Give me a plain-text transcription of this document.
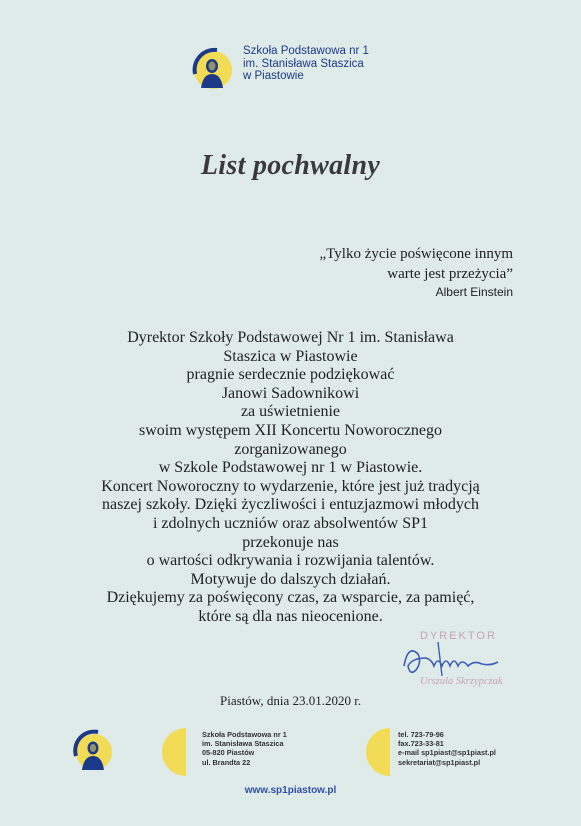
Szkoła Podstawowa nr 1
im. Stanisława Staszica
w Piastowie
List pochwalny
„Tylko życie poświęcone innym
warte jest przeżycia”
Albert Einstein
Dyrektor Szkoły Podstawowej Nr 1 im. Stanisława
Staszica w Piastowie
pragnie serdecznie podziękować
Janowi Sadownikowi
za uświetnienie
swoim występem XII Koncertu Noworocznego
zorganizowanego
w Szkole Podstawowej nr 1 w Piastowie.
Koncert Noworoczny to wydarzenie, które jest już tradycją
naszej szkoły. Dzięki życzliwości i entuzjazmowi młodych
i zdolnych uczniów oraz absolwentów SP1
przekonuje nas
o wartości odkrywania i rozwijania talentów.
Motywuje do dalszych działań.
Dziękujemy za poświęcony czas, za wsparcie, za pamięć,
które są dla nas nieocenione.
DYREKTOR
Urszula Skrzypczak
Piastów, dnia 23.01.2020 r.
Szkoła Podstawowa nr 1
im. Stanisława Staszica
05-820 Piastów
ul. Brandta 22
tel. 723-79-96
fax.723-33-81
e-mail sp1piast@sp1piast.pl
sekretariat@sp1piast.pl
www.sp1piastow.pl
